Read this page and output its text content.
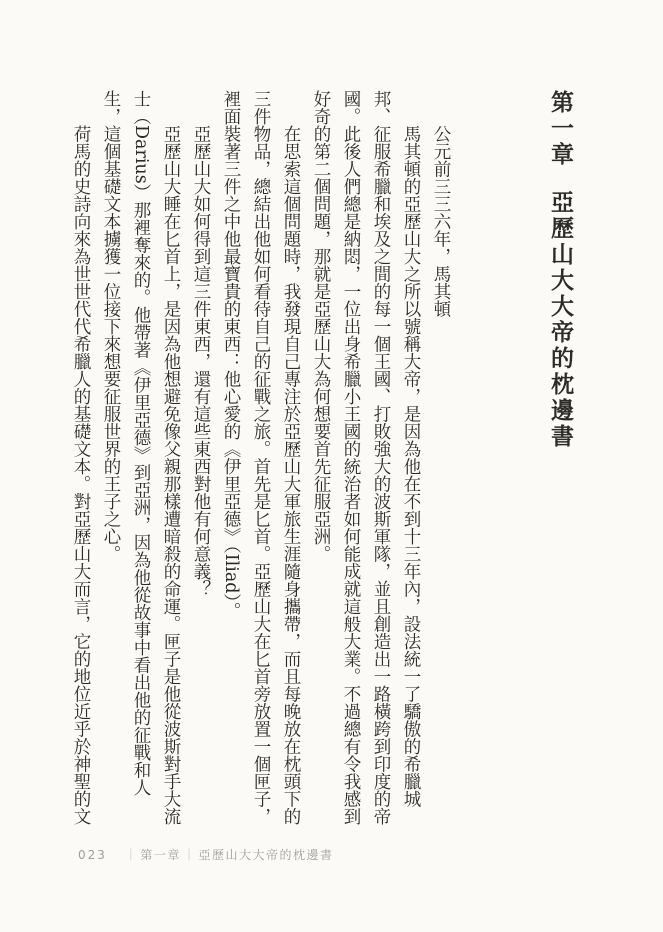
第一章亞歷山大大帝的枕邊書

公元前三三六年，馬其頓

馬其頓的亞歷山大之所以號稱大帝，是因為他在不到十三年內，設法統一了驕傲的希臘城邦、征服希臘和埃及之間的每一個王國、打敗強大的波斯軍隊，並且創造出一路橫跨到印度的帝國。此後人們總是納悶，一位出身希臘小王國的統治者如何能成就這般大業。不過總有令我感到好奇的第二個問題，那就是亞歷山大為何想要首先征服亞洲。

在思索這個問題時，我發現自己專注於亞歷山大軍旅生涯隨身攜帶，而且每晚放在枕頭下的三件物品，總結出他如何看待自己的征戰之旅。首先是匕首。亞歷山大在匕首旁放置一個匣子，裡面裝著三件之中他最寶貴的東西：他心愛的《伊里亞德》（Iliad）。

亞歷山大如何得到這三件東西，還有這些東西對他有何意義？

亞歷山大睡在匕首上，是因為他想避免像父親那樣遭暗殺的命運。匣子是他從波斯對手大流士（Darius）那裡奪來的。他帶著《伊里亞德》到亞洲，因為他從故事中看出他的征戰和人生，這個基礎文本擄獲一位接下來想要征服世界的王子之心。

荷馬的史詩向來為世世代代希臘人的基礎文本。對亞歷山大而言，它的地位近乎於神聖的文

023 ｜ 第一章 ｜ 亞歷山大大帝的枕邊書
